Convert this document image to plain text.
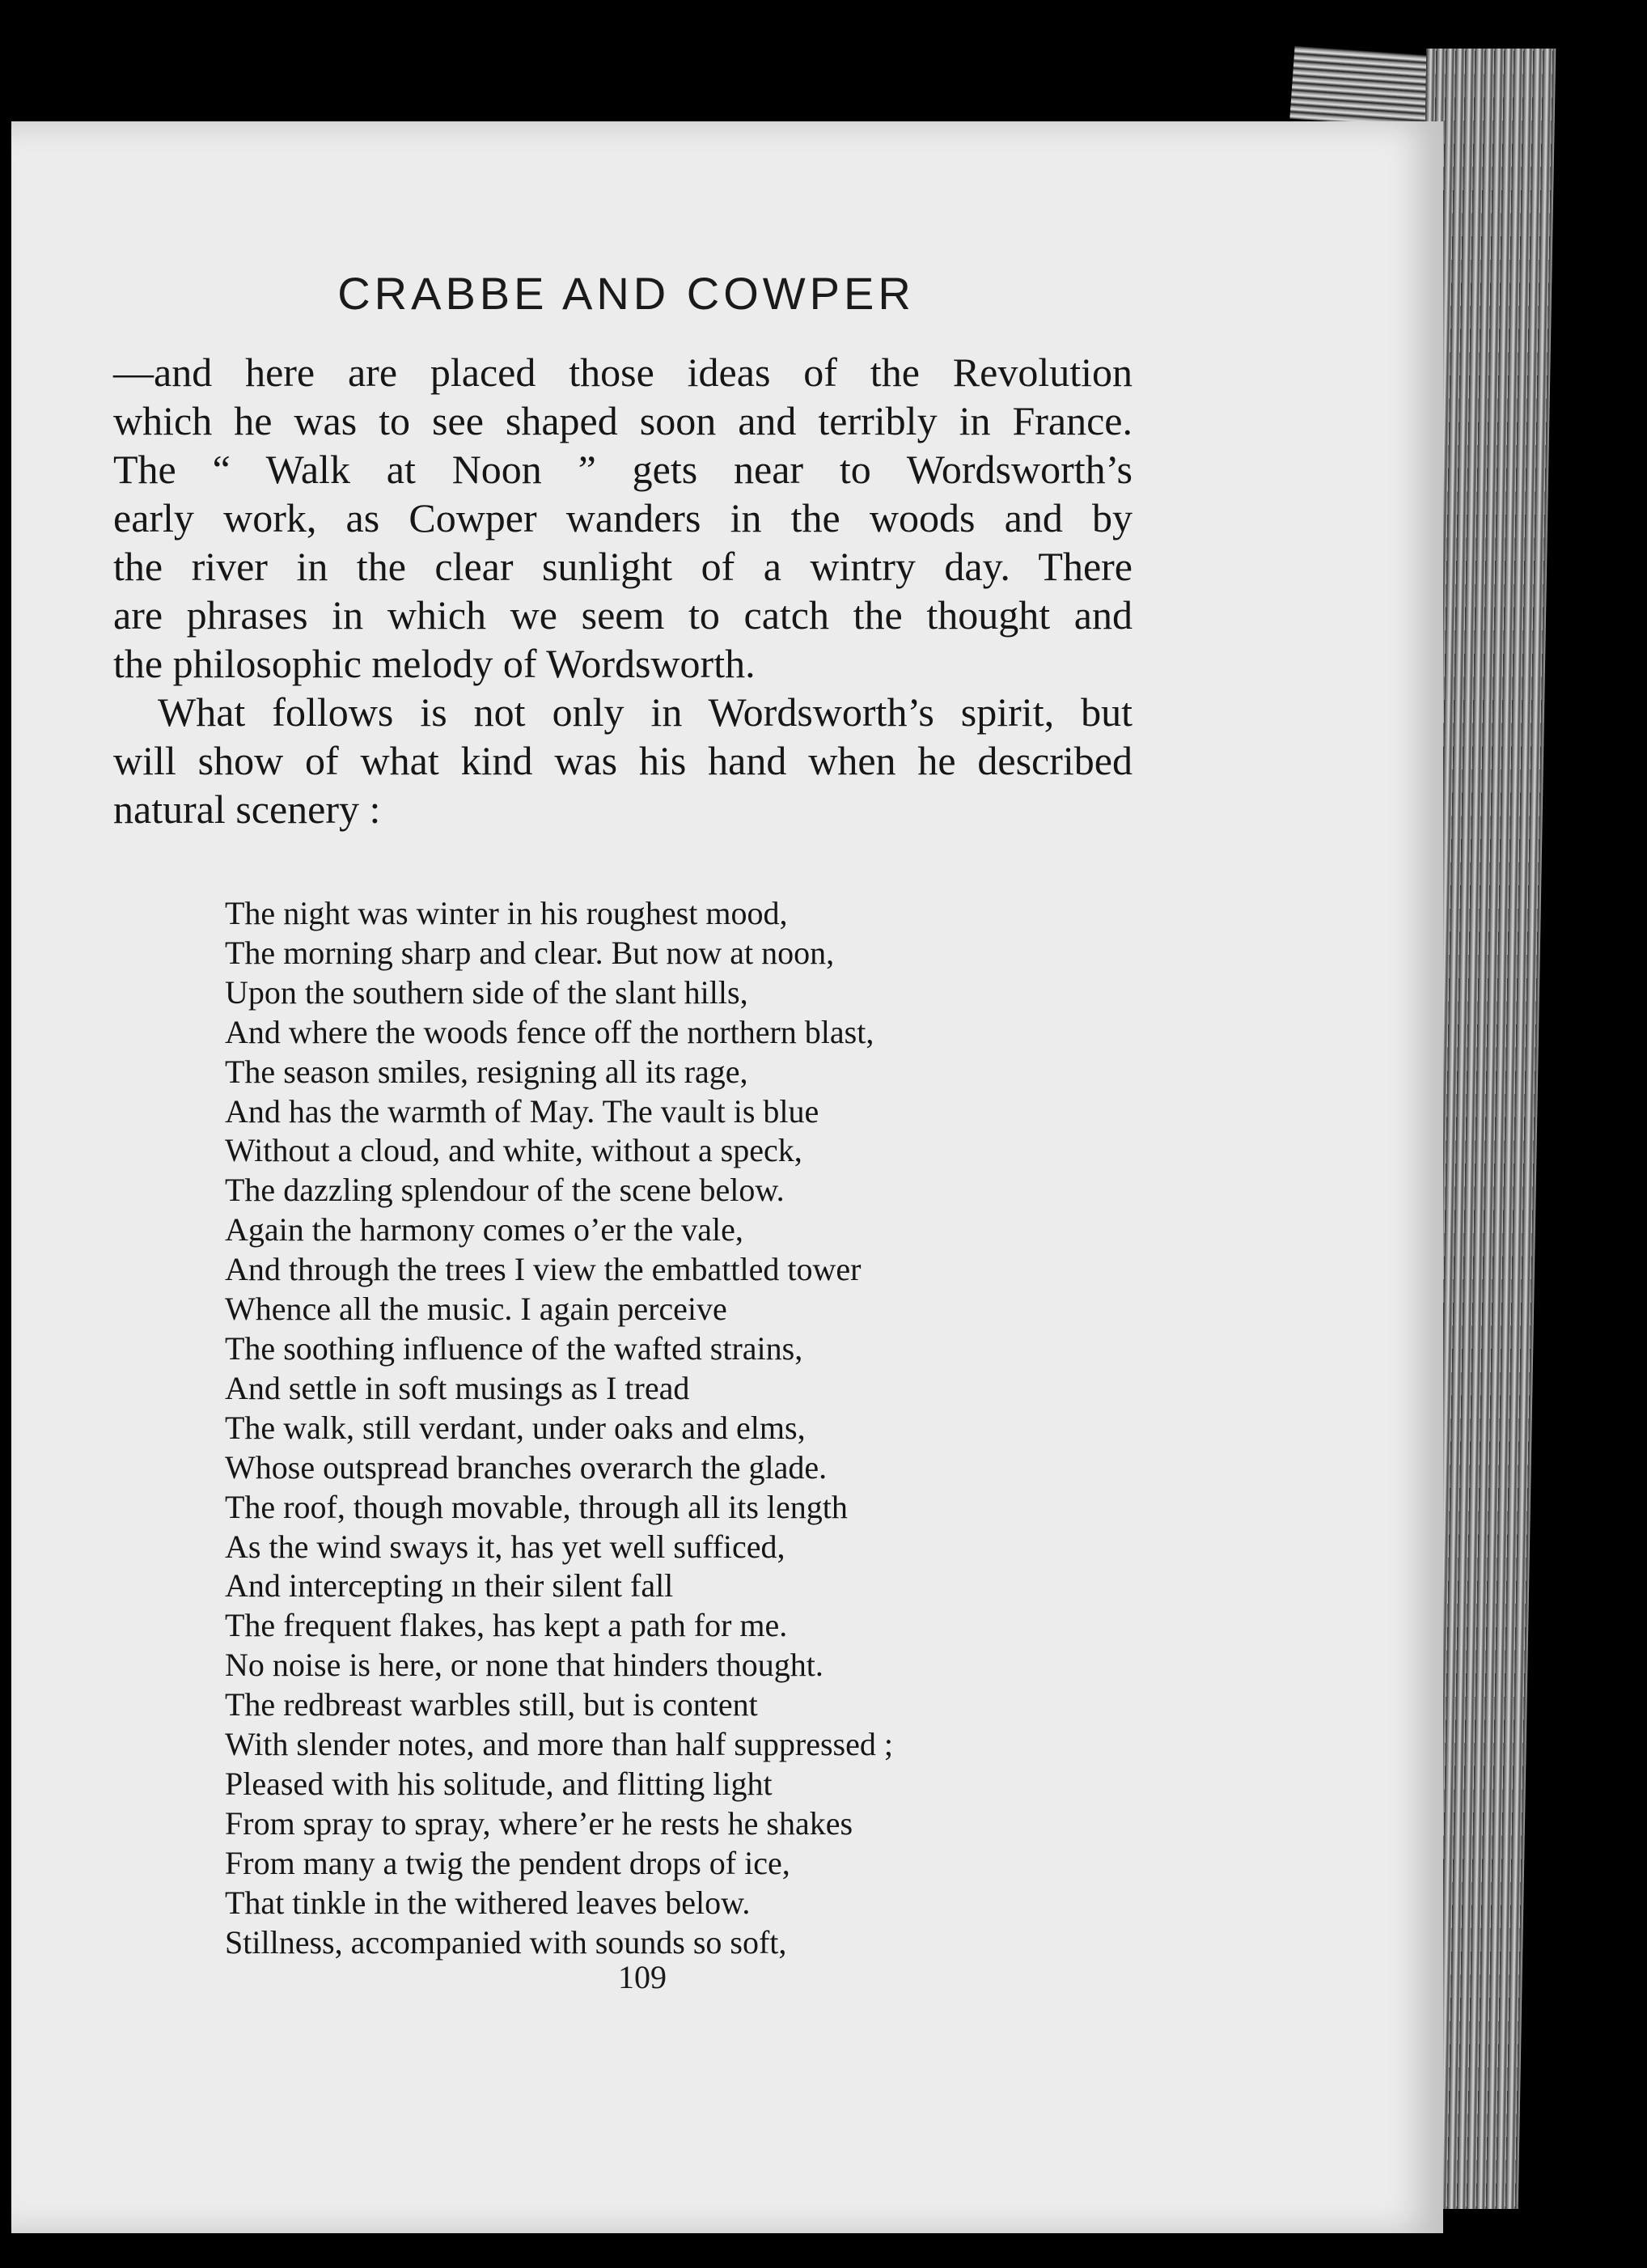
CRABBE AND COWPER

—and here are placed those ideas of the Revolution
which he was to see shaped soon and terribly in France.
The “ Walk at Noon ” gets near to Wordsworth’s
early work, as Cowper wanders in the woods and by
the river in the clear sunlight of a wintry day. There
are phrases in which we seem to catch the thought and
the philosophic melody of Wordsworth.

What follows is not only in Wordsworth’s spirit, but
will show of what kind was his hand when he described
natural scenery :

The night was winter in his roughest mood,
The morning sharp and clear. But now at noon,
Upon the southern side of the slant hills,
And where the woods fence off the northern blast,
The season smiles, resigning all its rage,
And has the warmth of May. The vault is blue
Without a cloud, and white, without a speck,
The dazzling splendour of the scene below.
Again the harmony comes o’er the vale,
And through the trees I view the embattled tower
Whence all the music. I again perceive
The soothing influence of the wafted strains,
And settle in soft musings as I tread
The walk, still verdant, under oaks and elms,
Whose outspread branches overarch the glade.
The roof, though movable, through all its length
As the wind sways it, has yet well sufficed,
And intercepting ın their silent fall
The frequent flakes, has kept a path for me.
No noise is here, or none that hinders thought.
The redbreast warbles still, but is content
With slender notes, and more than half suppressed ;
Pleased with his solitude, and flitting light
From spray to spray, where’er he rests he shakes
From many a twig the pendent drops of ice,
That tinkle in the withered leaves below.
Stillness, accompanied with sounds so soft,
109
